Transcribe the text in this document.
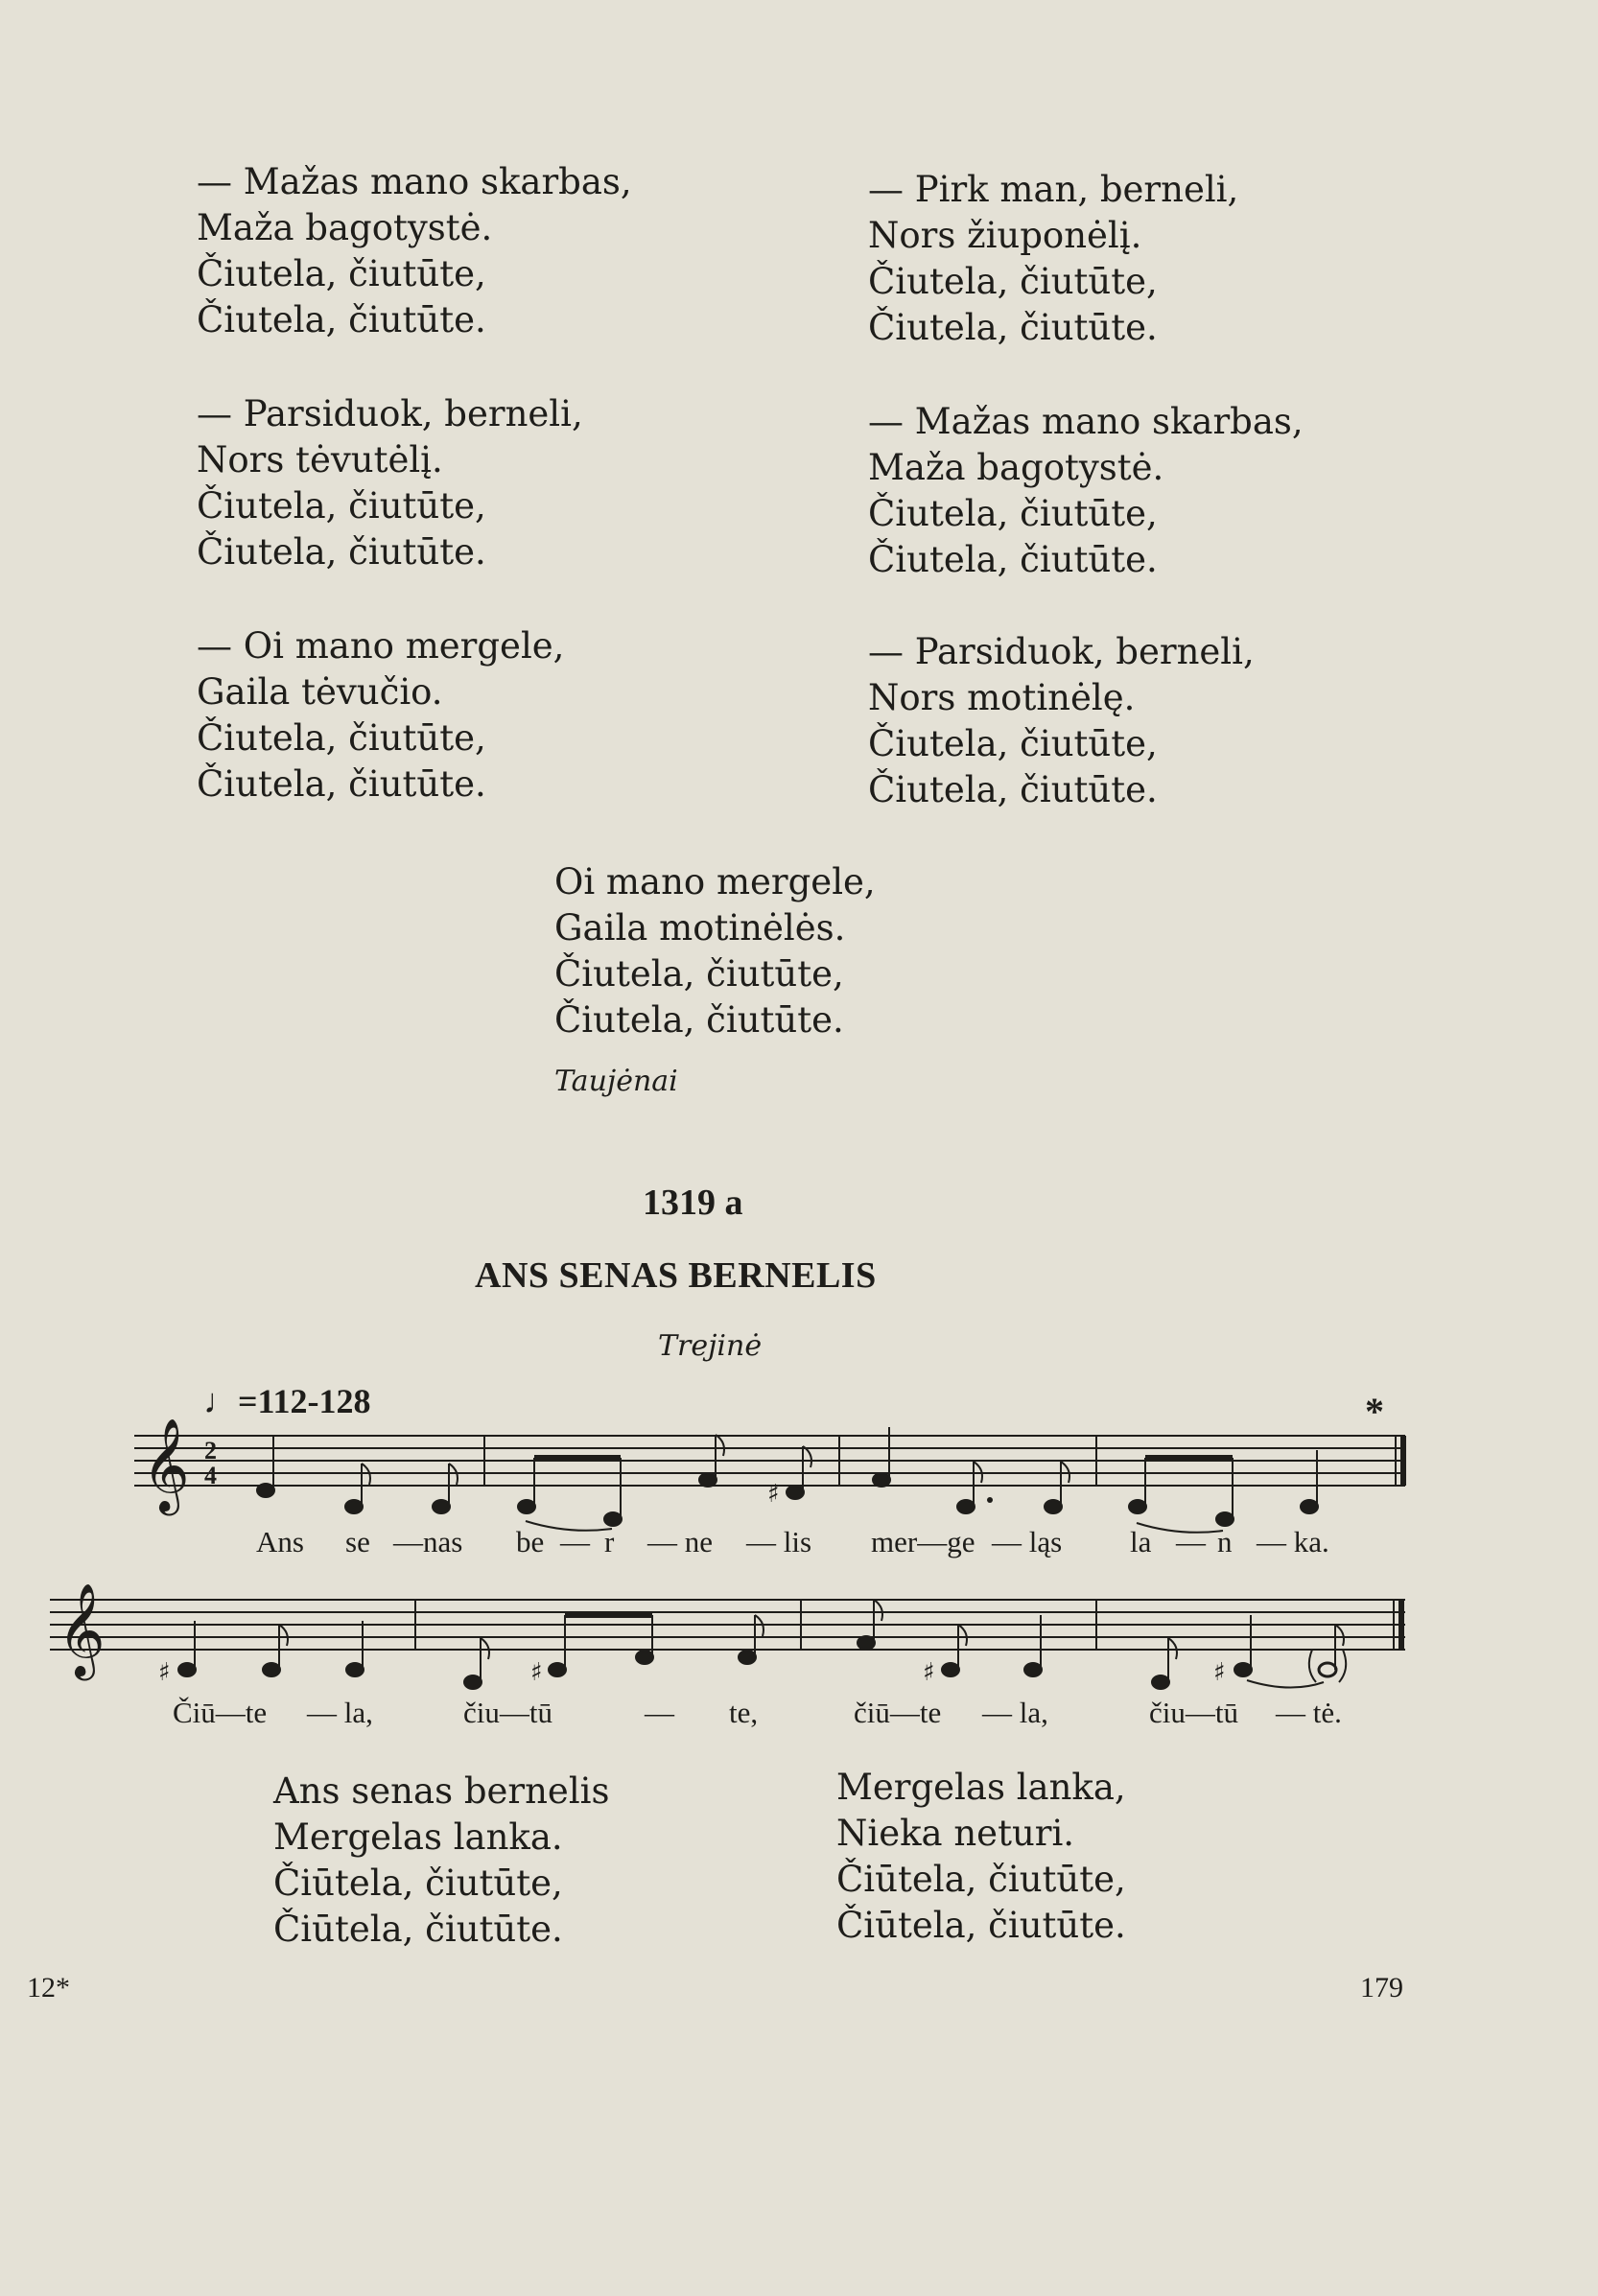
— Mažas mano skarbas,
Maža bagotystė.
Čiutela, čiutūte,
Čiutela, čiutūte.
— Parsiduok, berneli,
Nors tėvutėlį.
Čiutela, čiutūte,
Čiutela, čiutūte.
— Oi mano mergele,
Gaila tėvučio.
Čiutela, čiutūte,
Čiutela, čiutūte.
— Pirk man, berneli,
Nors žiuponėlį.
Čiutela, čiutūte,
Čiutela, čiutūte.
— Mažas mano skarbas,
Maža bagotystė.
Čiutela, čiutūte,
Čiutela, čiutūte.
— Parsiduok, berneli,
Nors motinėlę.
Čiutela, čiutūte,
Čiutela, čiutūte.
Oi mano mergele,
Gaila motinėlės.
Čiutela, čiutūte,
Čiutela, čiutūte.
Taujėnai
1319 a
ANS SENAS BERNELIS
Trejinė
♩=112-128
𝄞 2
4
*
♯
𝄞 ♯	♯	♯	♯
Ans se —nas be — r — ne — lis mer—ge — ląs la — n — ka.
Čiū—te — la,	čiu—tū	— te,	čiū—te — la,	čiu—tū — tė.
Ans senas bernelis
Mergelas lanka.
Čiūtela, čiutūte,
Čiūtela, čiutūte.
Mergelas lanka,
Nieka neturi.
Čiūtela, čiutūte,
Čiūtela, čiutūte.
12*	179
